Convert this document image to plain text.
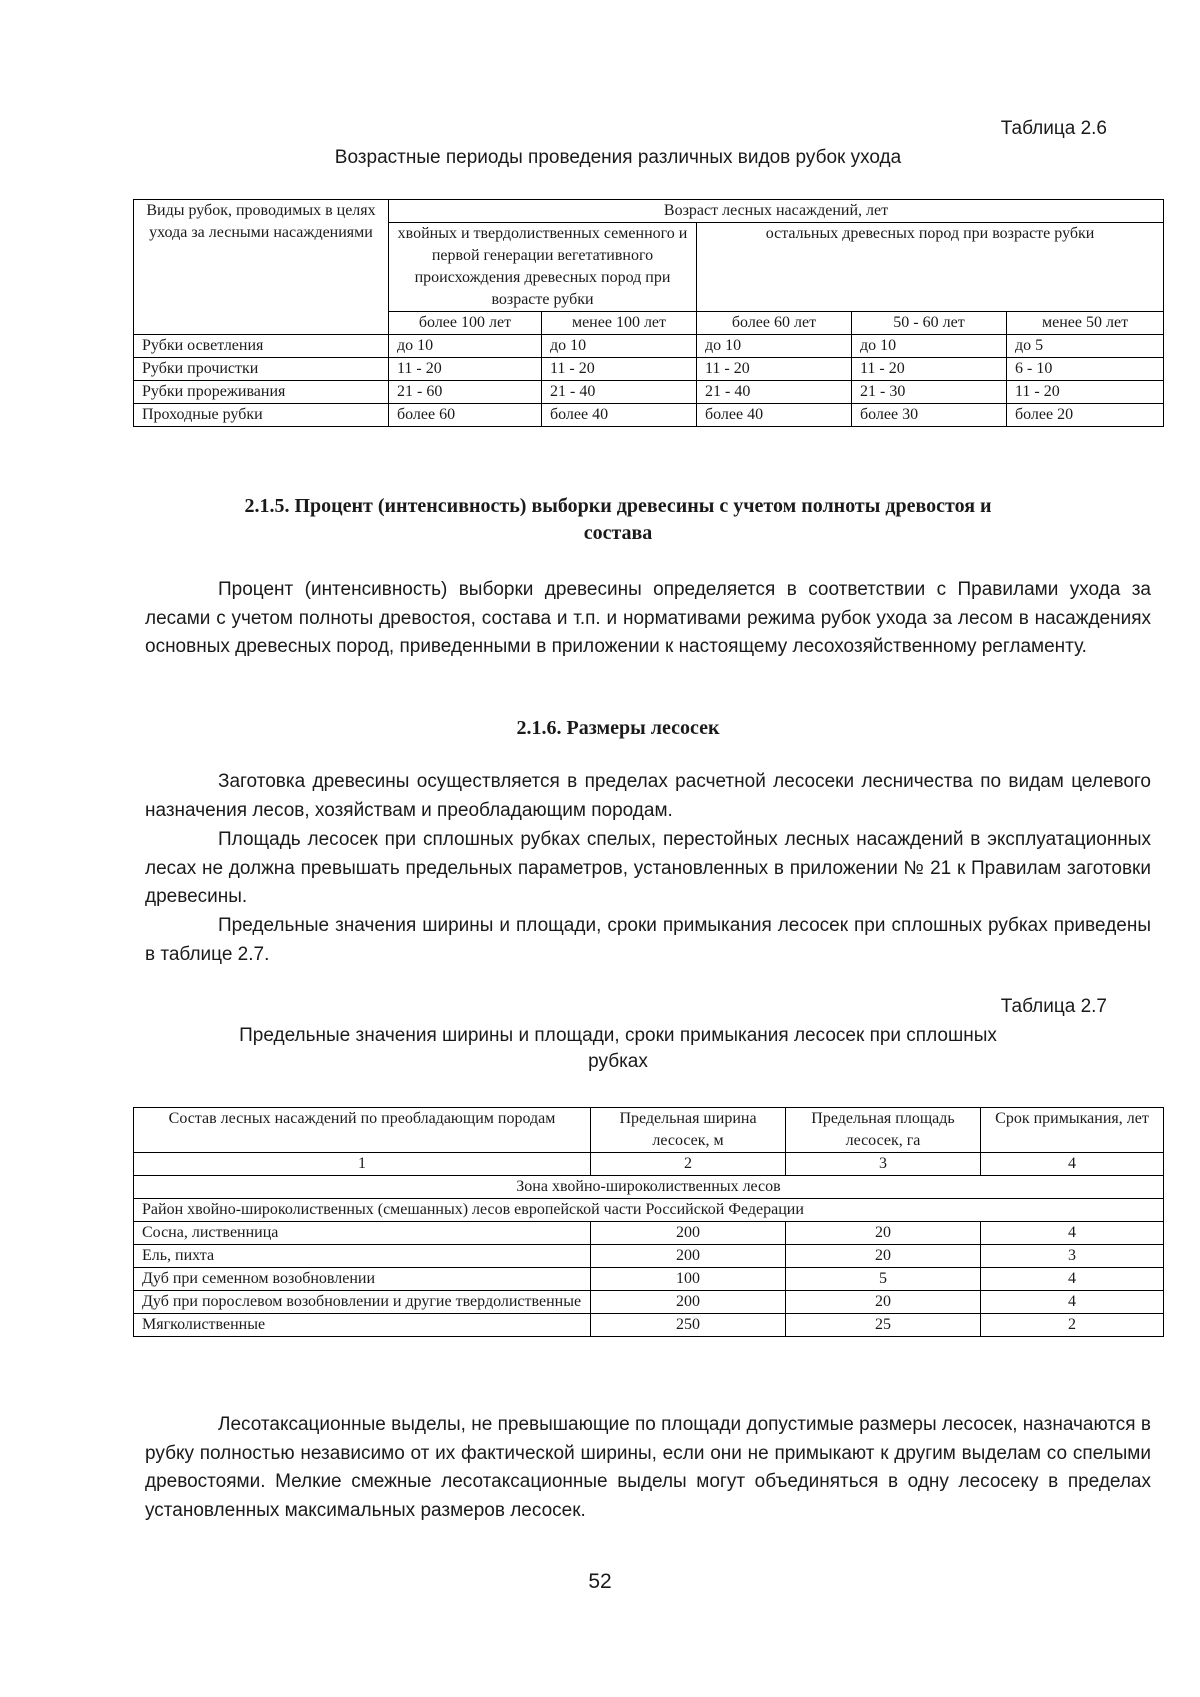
Таблица 2.6
Возрастные периоды проведения различных видов рубок ухода
Виды рубок, проводимых в целях ухода за лесными насаждениями	Возраст лесных насаждений, лет				
	хвойных и твердолиственных семенного и первой генерации вегетативного происхождения древесных пород при возрасте рубки		остальных древесных пород при возрасте рубки		
	более 100 лет	менее 100 лет	более 60 лет	50 - 60 лет	менее 50 лет
Рубки осветления	до 10	до 10	до 10	до 10	до 5
Рубки прочистки	11 - 20	11 - 20	11 - 20	11 - 20	6 - 10
Рубки прореживания	21 - 60	21 - 40	21 - 40	21 - 30	11 - 20
Проходные рубки	более 60	более 40	более 40	более 30	более 20
2.1.5. Процент (интенсивность) выборки древесины с учетом полноты древостоя и
состава

Процент (интенсивность) выборки древесины определяется в соответствии с Правилами ухода за лесами с учетом полноты древостоя, состава и т.п. и нормативами режима рубок ухода за лесом в насаждениях основных древесных пород, приведенными в приложении к настоящему лесохозяйственному регламенту.

2.1.6. Размеры лесосек

Заготовка древесины осуществляется в пределах расчетной лесосеки лесничества по видам целевого назначения лесов, хозяйствам и преобладающим породам.

Площадь лесосек при сплошных рубках спелых, перестойных лесных насаждений в эксплуатационных лесах не должна превышать предельных параметров, установленных в приложении № 21 к Правилам заготовки древесины.

Предельные значения ширины и площади, сроки примыкания лесосек при сплошных рубках приведены в таблице 2.7.

Таблица 2.7
Предельные значения ширины и площади, сроки примыкания лесосек при сплошных
рубках
Состав лесных насаждений по преобладающим породам	Предельная ширина лесосек, м	Предельная площадь лесосек, га	Срок примыкания, лет
1	2	3	4
Зона хвойно-широколиственных лесов			
Район хвойно-широколиственных (смешанных) лесов европейской части Российской Федерации			
Сосна, лиственница	200	20	4
Ель, пихта	200	20	3
Дуб при семенном возобновлении	100	5	4
Дуб при порослевом возобновлении и другие твердолиственные	200	20	4
Мягколиственные	250	25	2

Лесотаксационные выделы, не превышающие по площади допустимые размеры лесосек, назначаются в рубку полностью независимо от их фактической ширины, если они не примыкают к другим выделам со спелыми древостоями. Мелкие смежные лесотаксационные выделы могут объединяться в одну лесосеку в пределах установленных максимальных размеров лесосек.

52
